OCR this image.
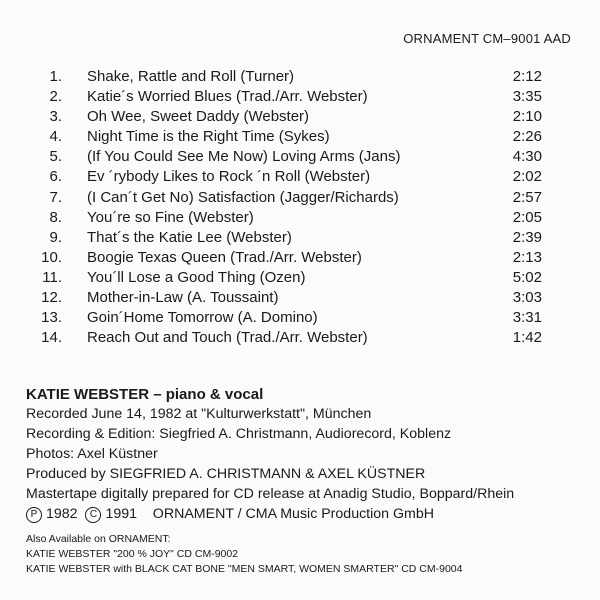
ORNAMENT CM–9001 AAD
1. Shake, Rattle and Roll (Turner)	2:12
2. Katie´s Worried Blues (Trad./Arr. Webster)	3:35
3. Oh Wee, Sweet Daddy (Webster)	2:10
4. Night Time is the Right Time (Sykes)	2:26
5. (If You Could See Me Now) Loving Arms (Jans)	4:30
6. Ev ´rybody Likes to Rock ´n Roll (Webster)	2:02
7. (I Can´t Get No) Satisfaction (Jagger/Richards)	2:57
8. You´re so Fine (Webster)	2:05
9. That´s the Katie Lee (Webster)	2:39
10. Boogie Texas Queen (Trad./Arr. Webster)	2:13
11. You´ll Lose a Good Thing (Ozen)	5:02
12. Mother-in-Law (A. Toussaint)	3:03
13. Goin´Home Tomorrow (A. Domino)	3:31
14. Reach Out and Touch (Trad./Arr. Webster)	1:42
KATIE WEBSTER – piano & vocal
Recorded June 14, 1982 at "Kulturwerkstatt", München
Recording & Edition: Siegfried A. Christmann, Audiorecord, Koblenz
Photos: Axel Küstner
Produced by SIEGFRIED A. CHRISTMANN & AXEL KÜSTNER
Mastertape digitally prepared for CD release at Anadig Studio, Boppard/Rhein
P 1982 C 1991 ORNAMENT / CMA Music Production GmbH
Also Available on ORNAMENT:
KATIE WEBSTER "200 % JOY" CD CM-9002
KATIE WEBSTER with BLACK CAT BONE "MEN SMART, WOMEN SMARTER" CD CM-9004
